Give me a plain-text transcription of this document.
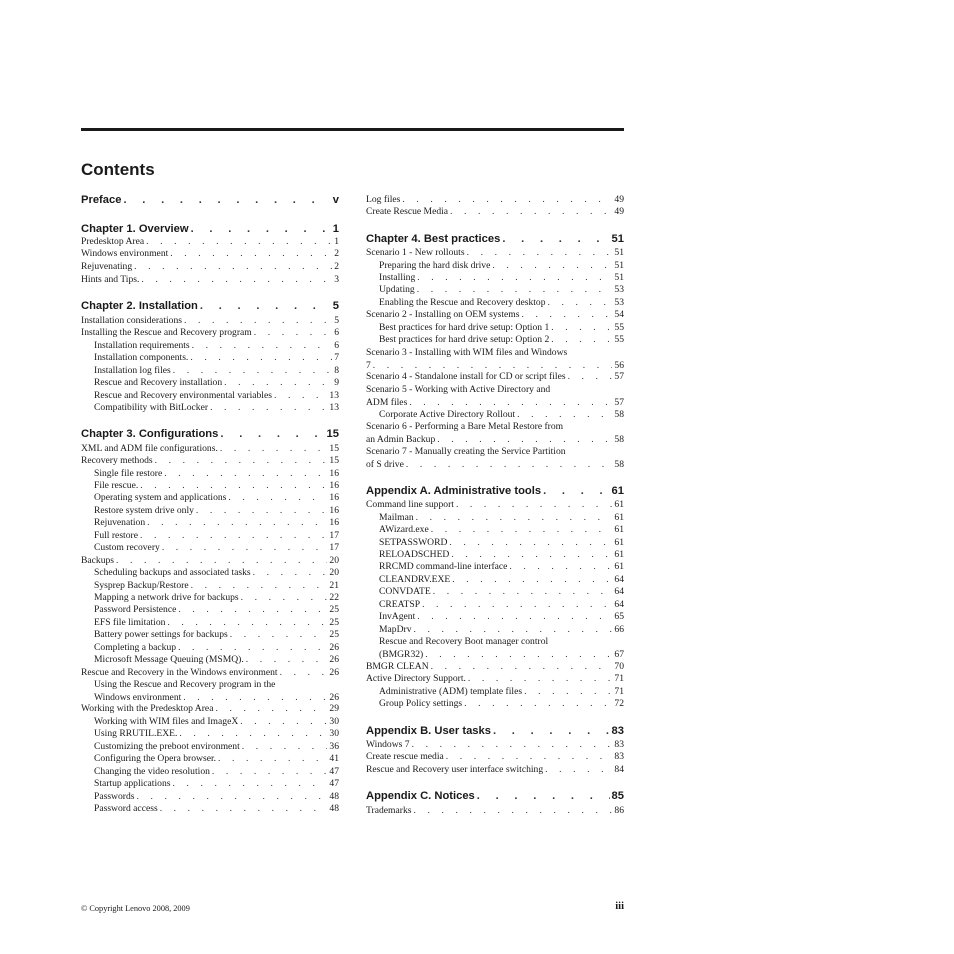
Contents
Preface . . .	v
Chapter 1. Overview . . .	1
Predesktop Area . . .	1
Windows environment . . .	2
Rejuvenating . . .	2
Hints and Tips. . . .	3
Chapter 2. Installation . . .	5
Installation considerations . . .	5
Installing the Rescue and Recovery program . . .	6
Installation requirements . . .	6
Installation components. . . .	7
Installation log files . . .	8
Rescue and Recovery installation . . .	9
Rescue and Recovery environmental variables . . .	13
Compatibility with BitLocker . . .	13
Chapter 3. Configurations . . .	15
XML and ADM file configurations. . . .	15
Recovery methods . . .	15
Single file restore . . .	16
File rescue. . . .	16
Operating system and applications . . .	16
Restore system drive only . . .	16
Rejuvenation . . .	16
Full restore . . .	17
Custom recovery . . .	17
Backups . . .	20
Scheduling backups and associated tasks . . .	20
Sysprep Backup/Restore . . .	21
Mapping a network drive for backups . . .	22
Password Persistence . . .	25
EFS file limitation . . .	25
Battery power settings for backups . . .	25
Completing a backup . . .	26
Microsoft Message Queuing (MSMQ). . . .	26
Rescue and Recovery in the Windows environment . . .	26
Using the Rescue and Recovery program in the
Windows environment . . .	26
Working with the Predesktop Area . . .	29
Working with WIM files and ImageX . . .	30
Using RRUTIL.EXE. . . .	30
Customizing the preboot environment . . .	36
Configuring the Opera browser. . . .	41
Changing the video resolution . . .	47
Startup applications . . .	47
Passwords . . .	48
Password access . . .	48
Log files . . .	49
Create Rescue Media . . .	49
Chapter 4. Best practices . . .	51
Scenario 1 - New rollouts . . .	51
Preparing the hard disk drive . . .	51
Installing . . .	51
Updating . . .	53
Enabling the Rescue and Recovery desktop . . .	53
Scenario 2 - Installing on OEM systems . . .	54
Best practices for hard drive setup: Option 1 . . .	55
Best practices for hard drive setup: Option 2 . . .	55
Scenario 3 - Installing with WIM files and Windows
7 . . .	56
Scenario 4 - Standalone install for CD or script files . . .	57
Scenario 5 - Working with Active Directory and
ADM files . . .	57
Corporate Active Directory Rollout . . .	58
Scenario 6 - Performing a Bare Metal Restore from
an Admin Backup . . .	58
Scenario 7 - Manually creating the Service Partition
of S drive . . .	58
Appendix A. Administrative tools . . .	61
Command line support . . .	61
Mailman . . .	61
AWizard.exe . . .	61
SETPASSWORD . . .	61
RELOADSCHED . . .	61
RRCMD command-line interface . . .	61
CLEANDRV.EXE . . .	64
CONVDATE . . .	64
CREATSP . . .	64
InvAgent . . .	65
MapDrv . . .	66
Rescue and Recovery Boot manager control
(BMGR32) . . .	67
BMGR CLEAN . . .	70
Active Directory Support. . . .	71
Administrative (ADM) template files . . .	71
Group Policy settings . . .	72
Appendix B. User tasks . . .	83
Windows 7 . . .	83
Create rescue media . . .	83
Rescue and Recovery user interface switching . . .	84
Appendix C. Notices . . .	85
Trademarks . . .	86
© Copyright Lenovo 2008, 2009	iii
